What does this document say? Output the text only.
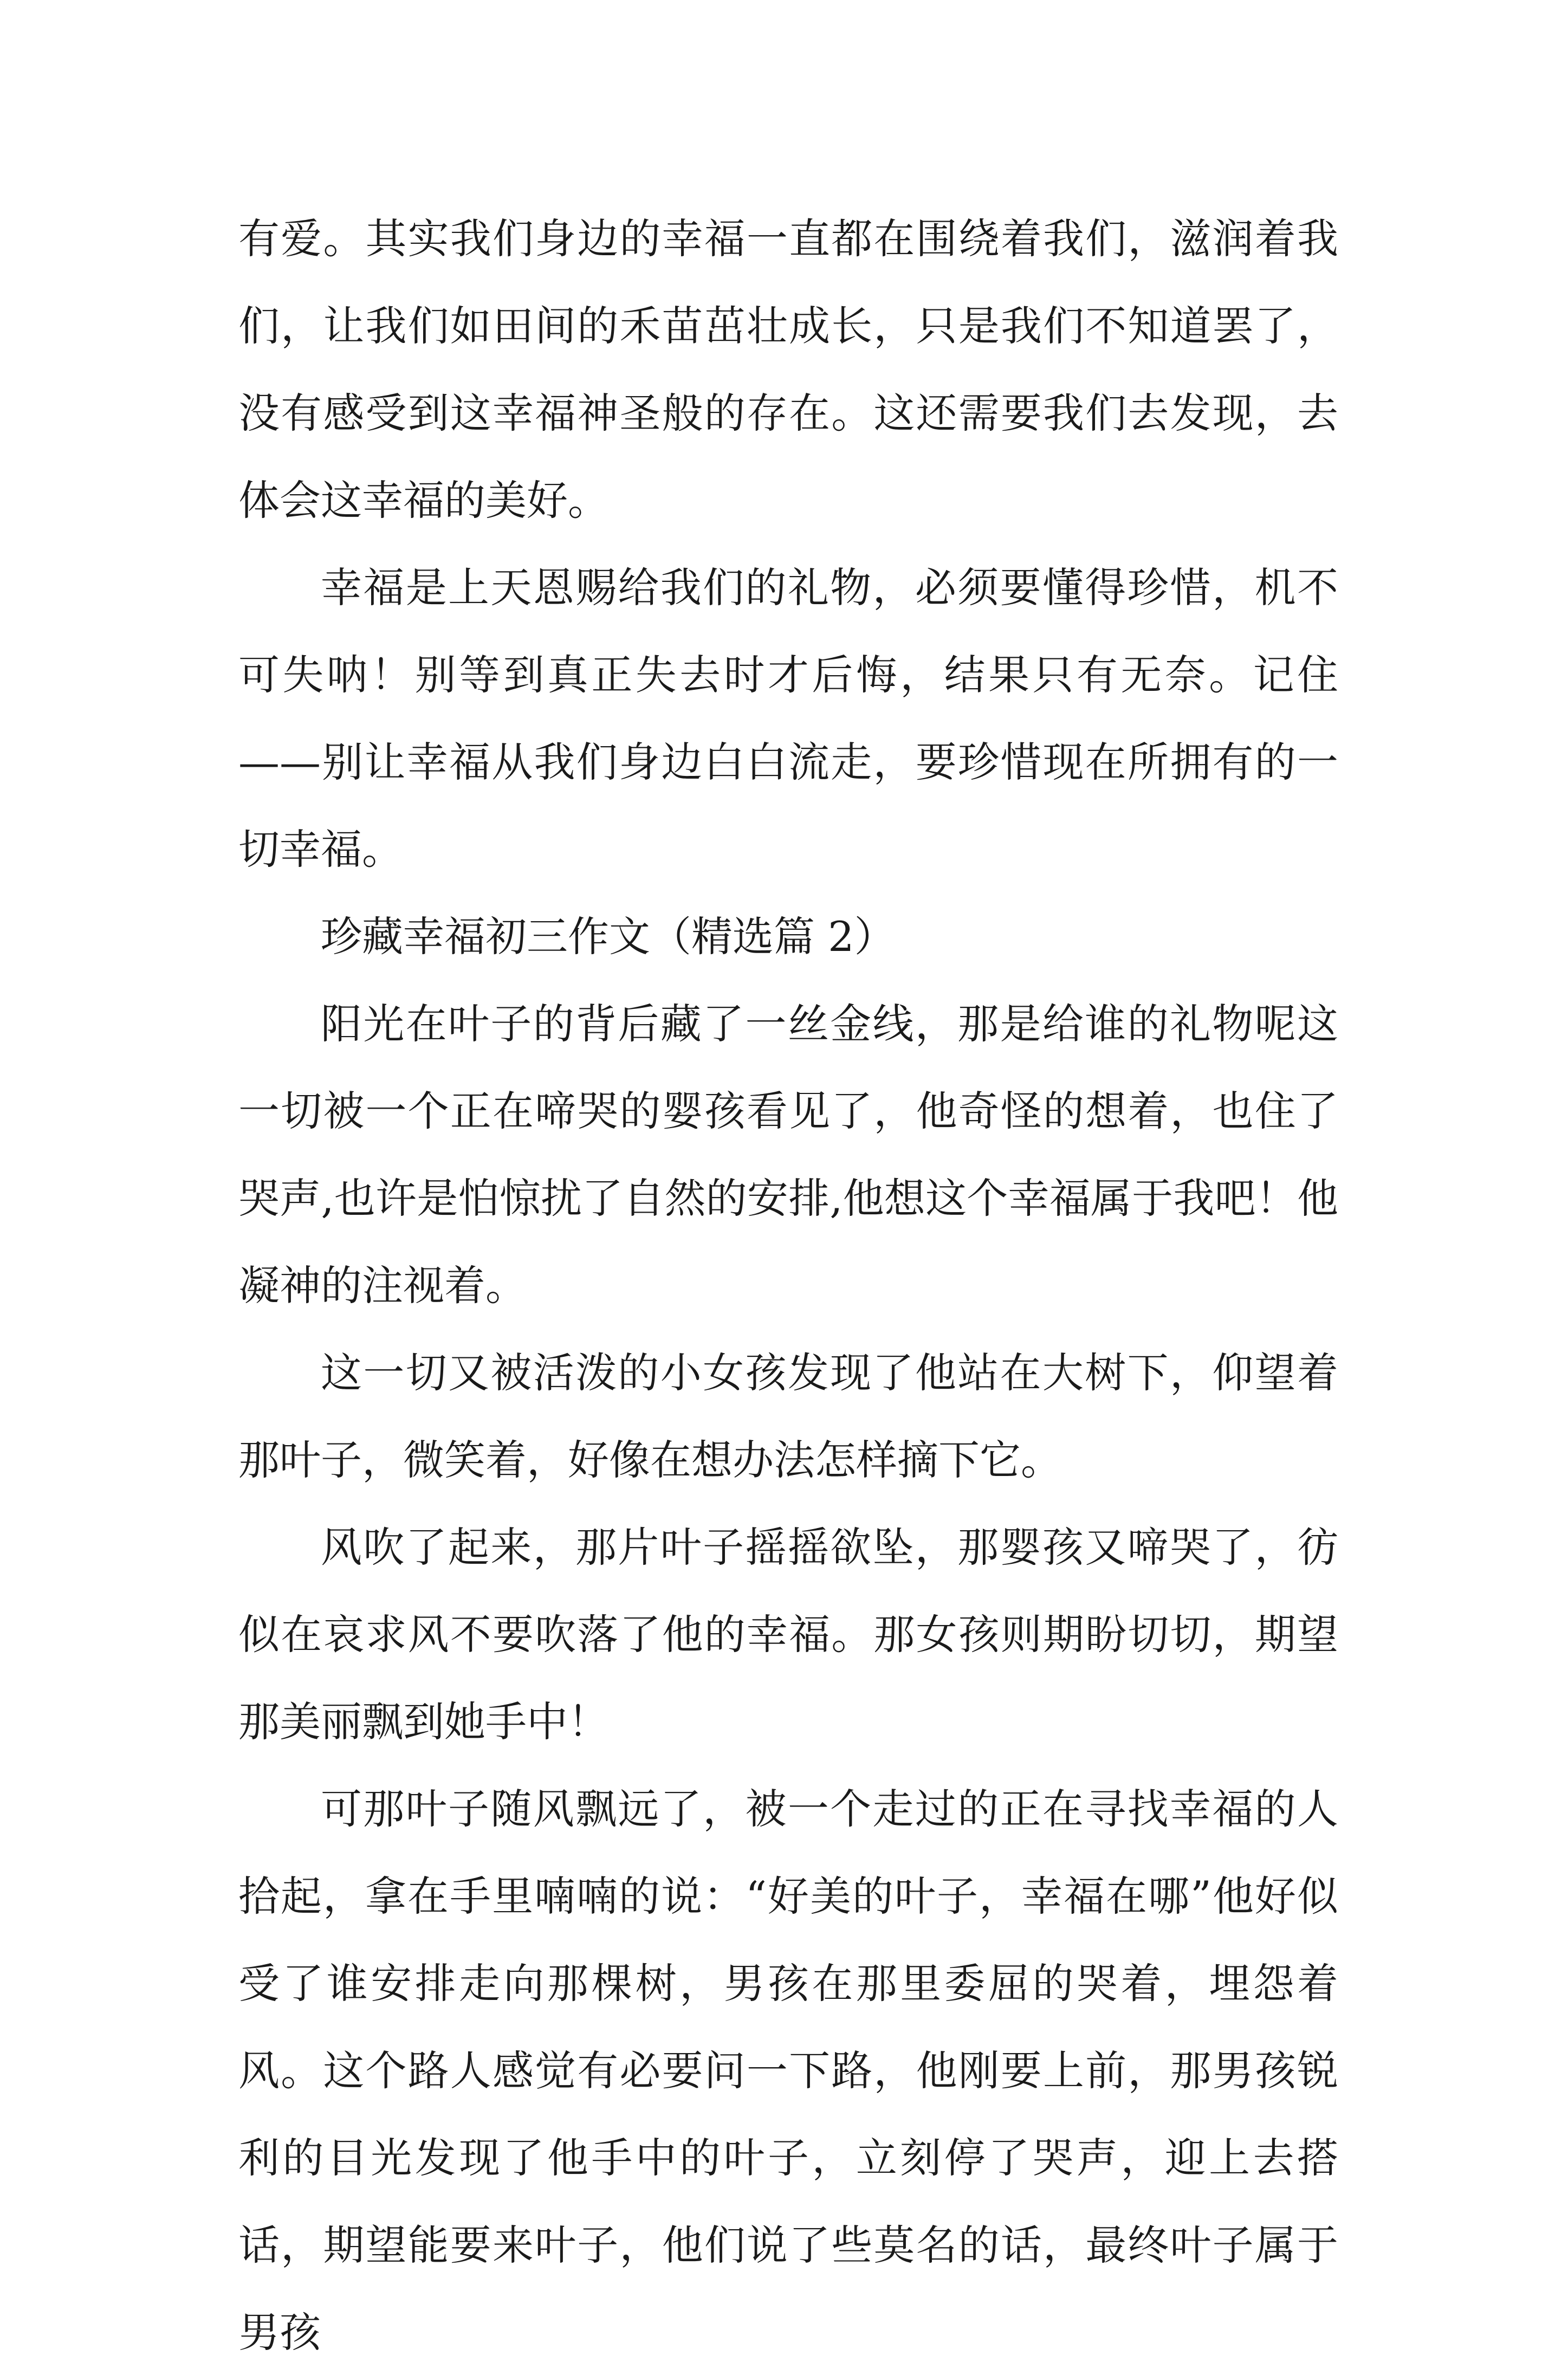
有爱。其实我们身边的幸福一直都在围绕着我们，滋润着我们，让我们如田间的禾苗茁壮成长，只是我们不知道罢了，没有感受到这幸福神圣般的存在。这还需要我们去发现，去体会这幸福的美好。

幸福是上天恩赐给我们的礼物，必须要懂得珍惜，机不可失呐！别等到真正失去时才后悔，结果只有无奈。记住——别让幸福从我们身边白白流走，要珍惜现在所拥有的一切幸福。

珍藏幸福初三作文（精选篇 2）

阳光在叶子的背后藏了一丝金线，那是给谁的礼物呢这一切被一个正在啼哭的婴孩看见了，他奇怪的想着，也住了哭声,也许是怕惊扰了自然的安排,他想这个幸福属于我吧！他凝神的注视着。

这一切又被活泼的小女孩发现了他站在大树下，仰望着那叶子，微笑着，好像在想办法怎样摘下它。

风吹了起来，那片叶子摇摇欲坠，那婴孩又啼哭了，彷似在哀求风不要吹落了他的幸福。那女孩则期盼切切，期望那美丽飘到她手中！

可那叶子随风飘远了，被一个走过的正在寻找幸福的人拾起，拿在手里喃喃的说：“好美的叶子，幸福在哪”他好似受了谁安排走向那棵树，男孩在那里委屈的哭着，埋怨着风。这个路人感觉有必要问一下路，他刚要上前，那男孩锐利的目光发现了他手中的叶子，立刻停了哭声，迎上去搭话，期望能要来叶子，他们说了些莫名的话，最终叶子属于男孩
